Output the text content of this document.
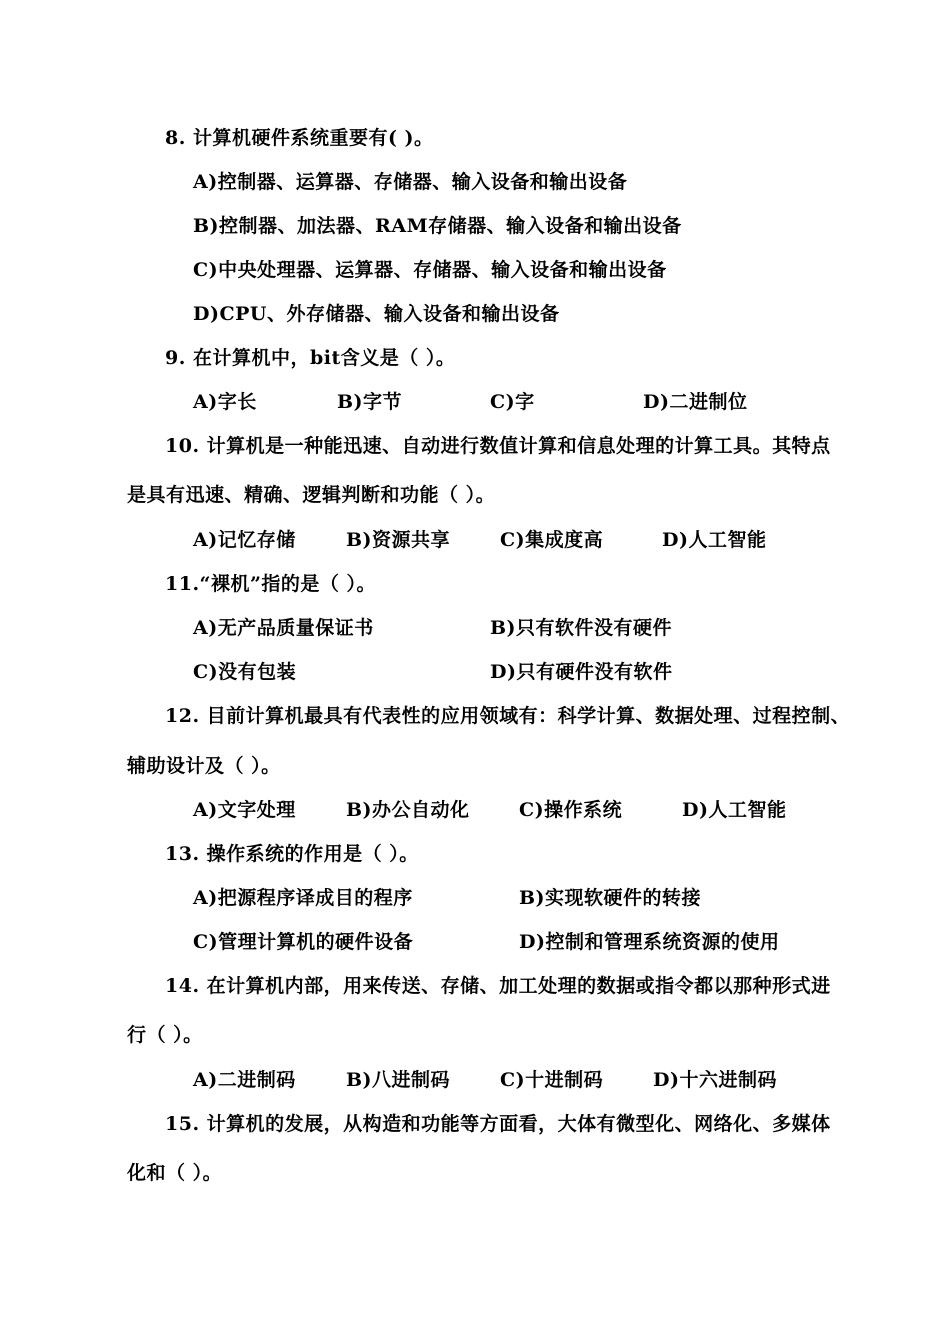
8. 计算机硬件系统重要有( )。
A)控制器、运算器、存储器、输入设备和输出设备
B)控制器、加法器、RAM存储器、输入设备和输出设备
C)中央处理器、运算器、存储器、输入设备和输出设备
D)CPU、外存储器、输入设备和输出设备
9. 在计算机中，bit含义是（ ）。
A)字长	B)字节	C)字	D)二进制位
10. 计算机是一种能迅速、自动进行数值计算和信息处理的计算工具。其特点
是具有迅速、精确、逻辑判断和功能（ ）。
A)记忆存储	B)资源共享	C)集成度高	D)人工智能
11.“裸机”指的是（ ）。
A)无产品质量保证书	B)只有软件没有硬件
C)没有包装	D)只有硬件没有软件
12. 目前计算机最具有代表性的应用领域有：科学计算、数据处理、过程控制、
辅助设计及（ ）。
A)文字处理	B)办公自动化	C)操作系统	D)人工智能
13. 操作系统的作用是（ ）。
A)把源程序译成目的程序	B)实现软硬件的转接
C)管理计算机的硬件设备	D)控制和管理系统资源的使用
14. 在计算机内部，用来传送、存储、加工处理的数据或指令都以那种形式进
行（ ）。
A)二进制码	B)八进制码	C)十进制码	D)十六进制码
15. 计算机的发展，从构造和功能等方面看，大体有微型化、网络化、多媒体
化和（ ）。
